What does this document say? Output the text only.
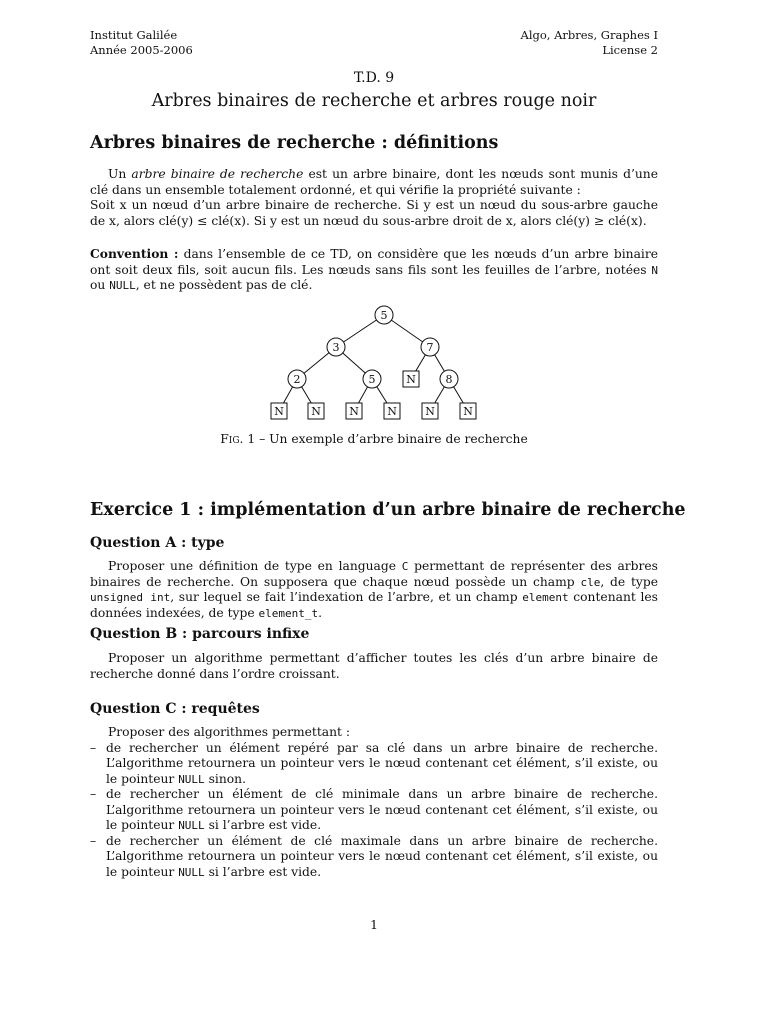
Institut Galilée
Année 2005-2006
Algo, Arbres, Graphes I
License 2
T.D. 9
Arbres binaires de recherche et arbres rouge noir
Arbres binaires de recherche : définitions
Un arbre binaire de recherche est un arbre binaire, dont les nœuds sont munis d’une clé dans un ensemble totalement ordonné, et qui vérifie la propriété suivante :
Soit x un nœud d’un arbre binaire de recherche. Si y est un nœud du sous-arbre gauche de x, alors clé(y) ≤ clé(x). Si y est un nœud du sous-arbre droit de x, alors clé(y) ≥ clé(x).
Convention : dans l’ensemble de ce TD, on considère que les nœuds d’un arbre binaire ont soit deux fils, soit aucun fils. Les nœuds sans fils sont les feuilles de l’arbre, notées N ou NULL, et ne possèdent pas de clé.
5
3	7
2	5	N	8
N N	N	N	N	N
Fig. 1 – Un exemple d’arbre binaire de recherche
Exercice 1 : implémentation d’un arbre binaire de recherche
Question A : type
Proposer une définition de type en language C permettant de représenter des arbres binaires de recherche. On supposera que chaque nœud possède un champ cle, de type unsigned int, sur lequel se fait l’indexation de l’arbre, et un champ element contenant les données indexées, de type element_t.
Question B : parcours infixe
Proposer un algorithme permettant d’afficher toutes les clés d’un arbre binaire de recherche donné dans l’ordre croissant.
Question C : requêtes
Proposer des algorithmes permettant :
– de rechercher un élément repéré par sa clé dans un arbre binaire de recherche. L’algorithme retournera un pointeur vers le nœud contenant cet élément, s’il existe, ou le pointeur NULL sinon.
– de rechercher un élément de clé minimale dans un arbre binaire de recherche. L’algorithme retournera un pointeur vers le nœud contenant cet élément, s’il existe, ou le pointeur NULL si l’arbre est vide.
– de rechercher un élément de clé maximale dans un arbre binaire de recherche. L’algorithme retournera un pointeur vers le nœud contenant cet élément, s’il existe, ou le pointeur NULL si l’arbre est vide.
1
